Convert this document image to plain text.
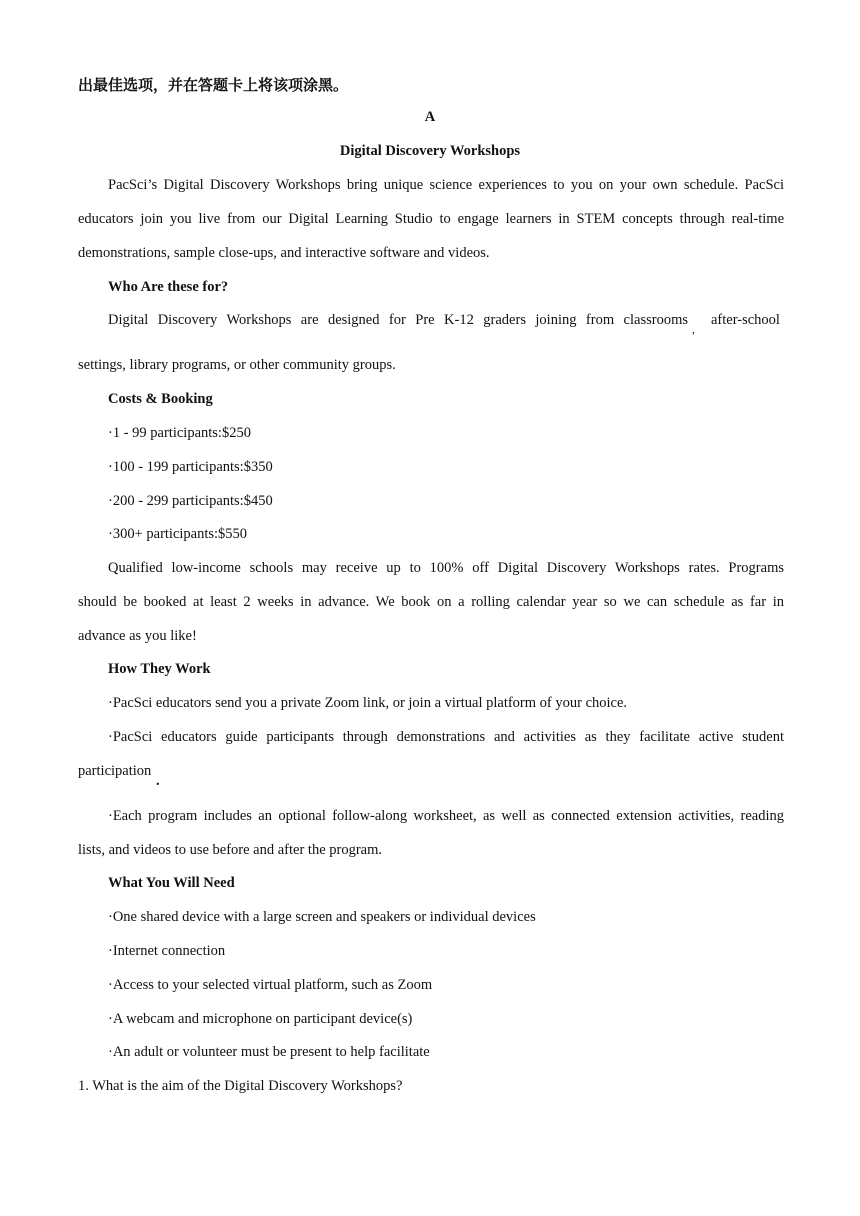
出最佳选项，并在答题卡上将该项涂黑。
A
Digital Discovery Workshops
PacSci’s Digital Discovery Workshops bring unique science experiences to you on your own schedule. PacSci
educators join you live from our Digital Learning Studio to engage learners in STEM concepts through real-time
demonstrations, sample close-ups, and interactive software and videos.
Who Are these for?
Digital Discovery Workshops are designed for Pre K-12 graders joining from classrooms
,
after-school
settings, library programs, or other community groups.
Costs & Booking
·1 - 99 participants:$250
·100 - 199 participants:$350
·200 - 299 participants:$450
·300+ participants:$550
Qualified low-income schools may receive up to 100% off Digital Discovery Workshops rates. Programs
should be booked at least 2 weeks in advance. We book on a rolling calendar year so we can schedule as far in
advance as you like!
How They Work
·PacSci educators send you a private Zoom link, or join a virtual platform of your choice.
·PacSci educators guide participants through demonstrations and activities as they facilitate active student
participation
.
·Each program includes an optional follow-along worksheet, as well as connected extension activities, reading
lists, and videos to use before and after the program.
What You Will Need
·One shared device with a large screen and speakers or individual devices
·Internet connection
·Access to your selected virtual platform, such as Zoom
·A webcam and microphone on participant device(s)
·An adult or volunteer must be present to help facilitate
1. What is the aim of the Digital Discovery Workshops?
